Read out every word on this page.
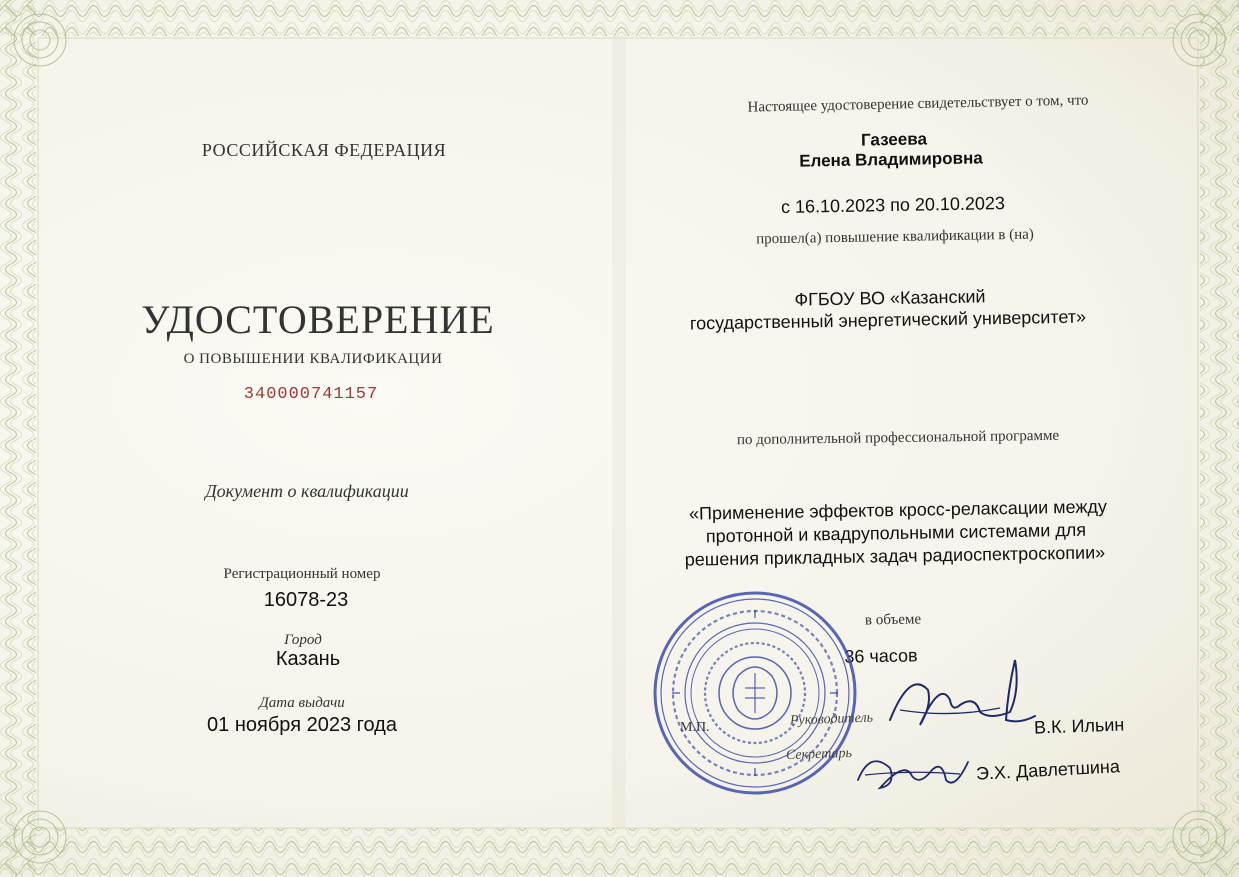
РОССИЙСКАЯ ФЕДЕРАЦИЯ
УДОСТОВЕРЕНИЕ
О ПОВЫШЕНИИ КВАЛИФИКАЦИИ
340000741157
Документ о квалификации
Регистрационный номер
16078-23
Город
Казань
Дата выдачи
01 ноября 2023 года
Настоящее удостоверение свидетельствует о том, что
Газеева
Елена Владимировна
с 16.10.2023 по 20.10.2023
прошел(а) повышение квалификации в (на)
ФГБОУ ВО «Казанский
государственный энергетический университет»
по дополнительной профессиональной программе
«Применение эффектов кросс-релаксации между
протонной и квадрупольными системами для
решения прикладных задач радиоспектроскопии»
в объеме
36 часов
М.П.	Руководитель	В.К. Ильин
Секретарь
Э.Х. Давлетшина
